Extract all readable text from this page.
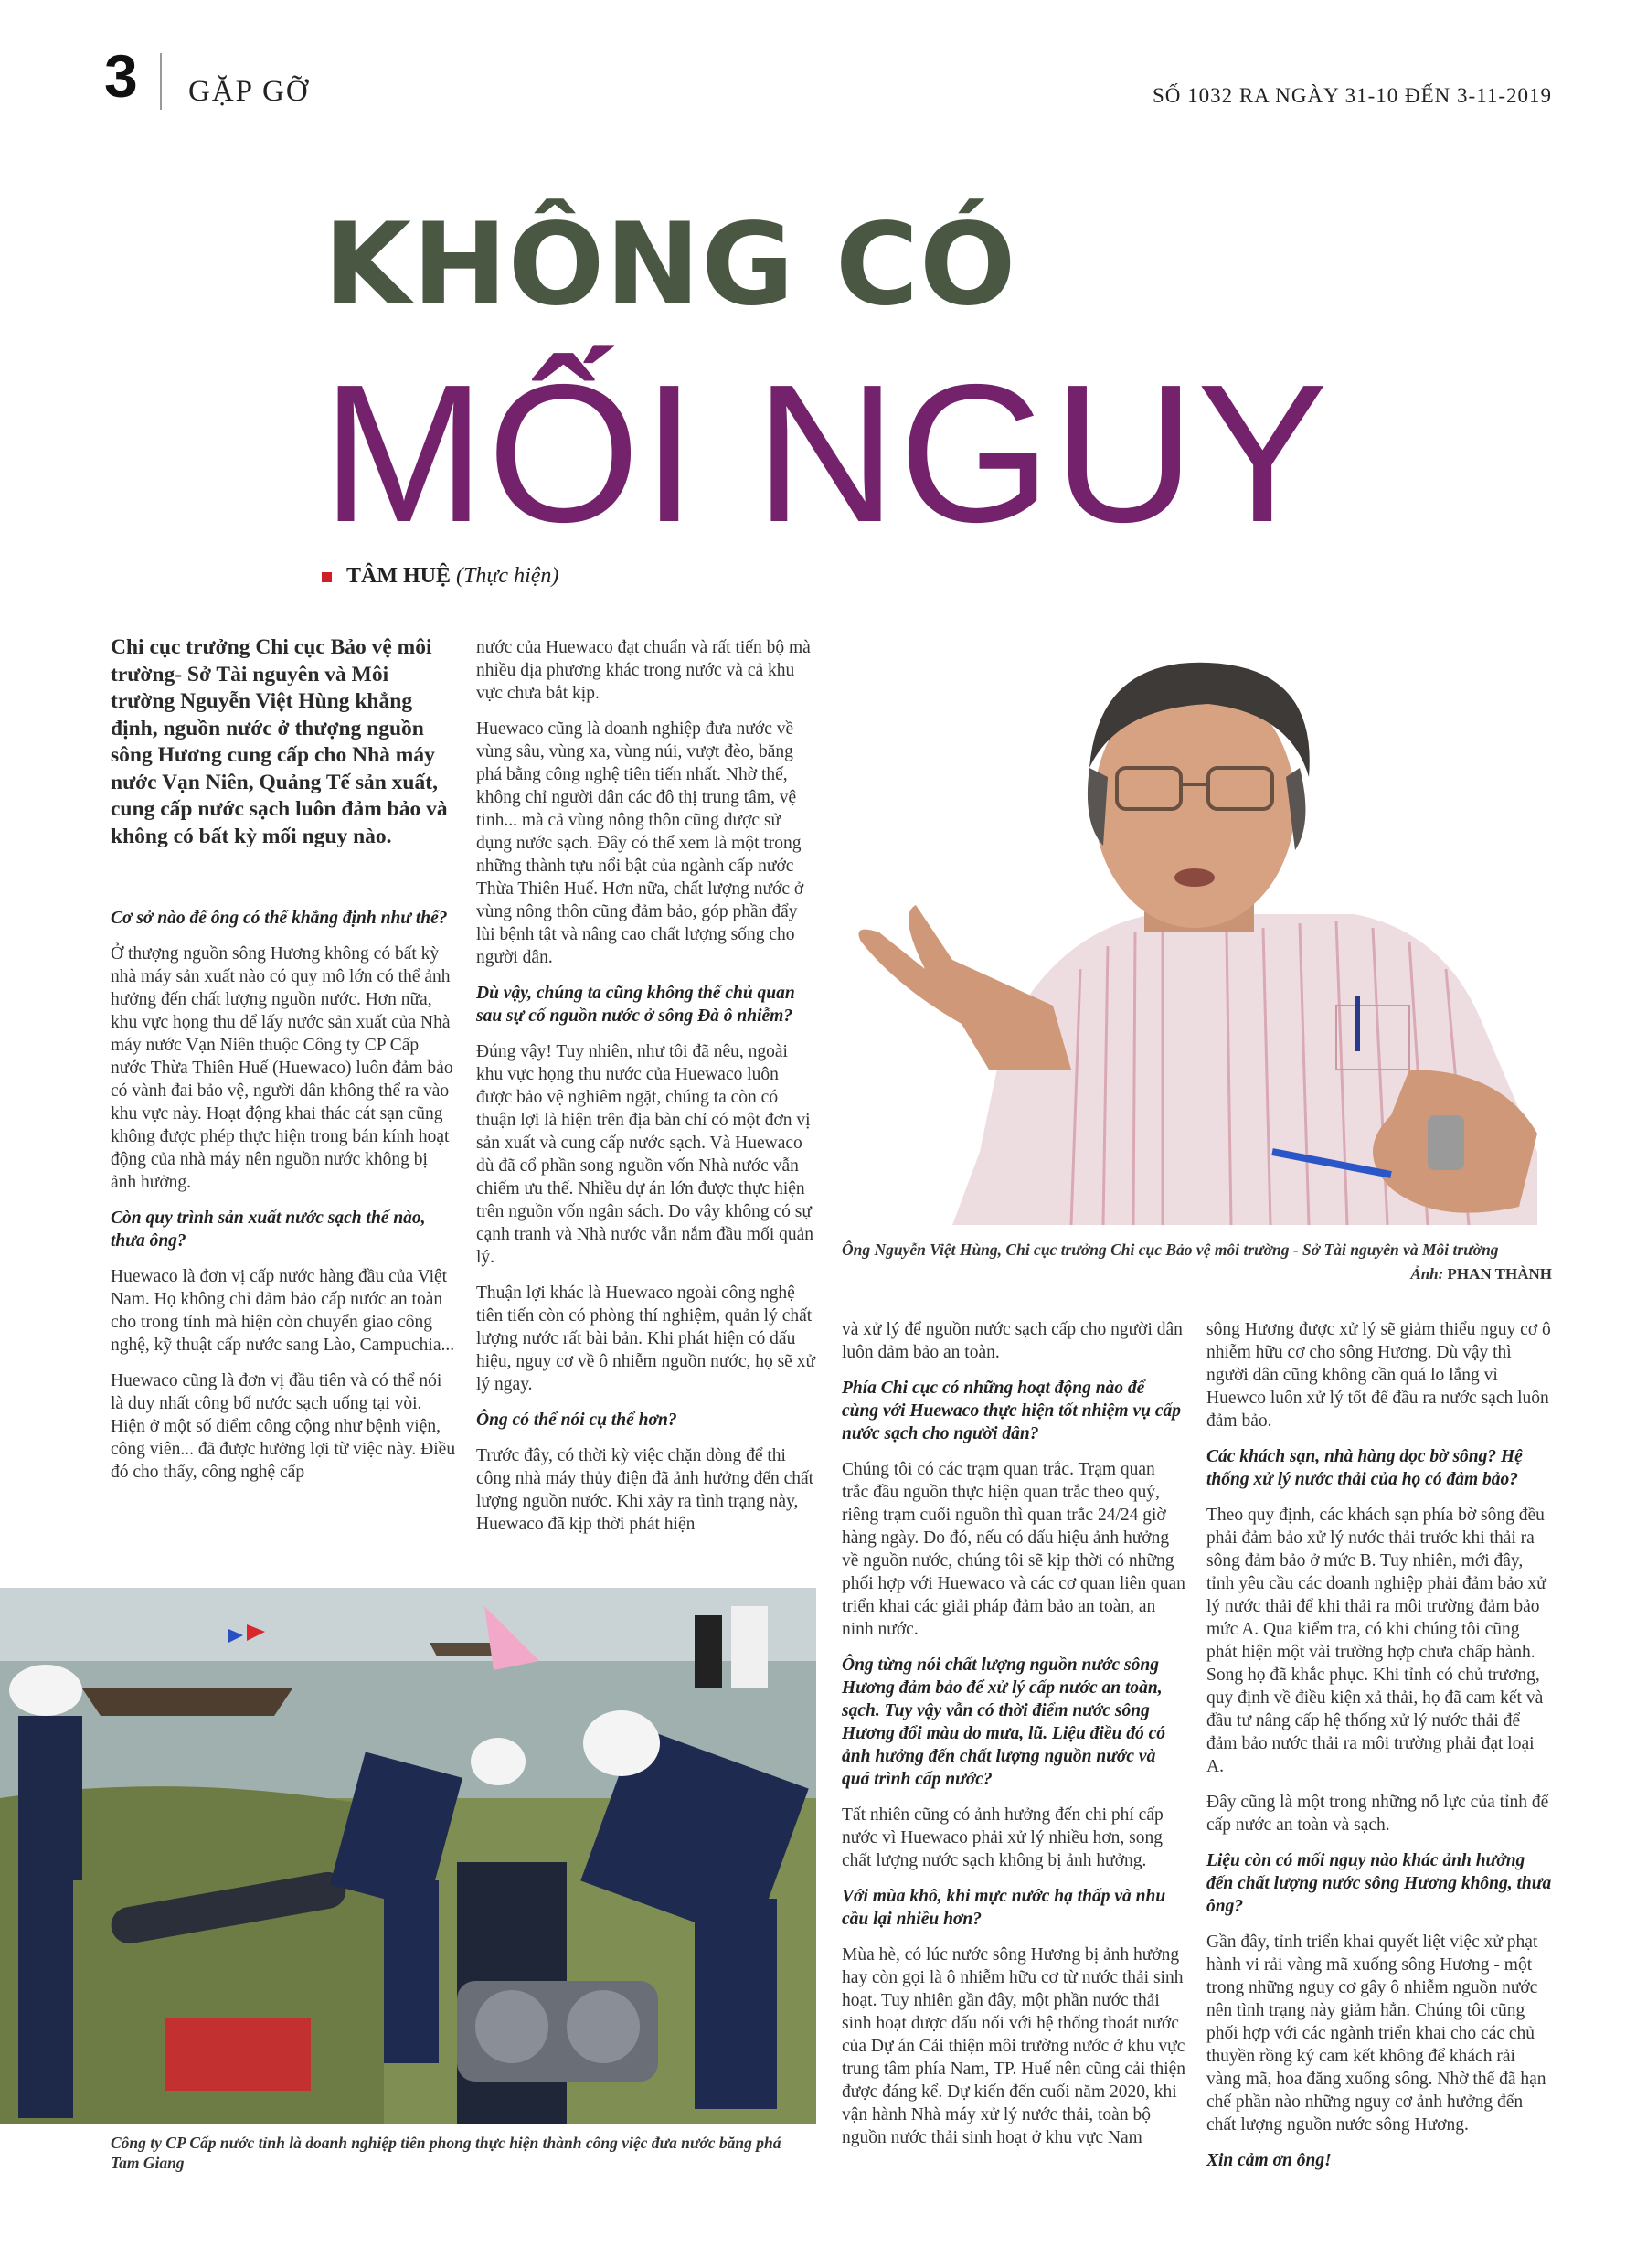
3 GẶP GỠ	SỐ 1032 RA NGÀY 31-10 ĐẾN 3-11-2019
KHÔNG CÓ
MỐI NGUY
TÂM HUỆ (Thực hiện)
Chi cục trưởng Chi cục Bảo vệ môi trường- Sở Tài nguyên và Môi trường Nguyễn Việt Hùng khẳng định, nguồn nước ở thượng nguồn sông Hương cung cấp cho Nhà máy nước Vạn Niên, Quảng Tế sản xuất, cung cấp nước sạch luôn đảm bảo và không có bất kỳ mối nguy nào.

Cơ sở nào để ông có thể khẳng định như thế?

Ở thượng nguồn sông Hương không có bất kỳ nhà máy sản xuất nào có quy mô lớn có thể ảnh hưởng đến chất lượng nguồn nước. Hơn nữa, khu vực họng thu để lấy nước sản xuất của Nhà máy nước Vạn Niên thuộc Công ty CP Cấp nước Thừa Thiên Huế (Huewaco) luôn đảm bảo có vành đai bảo vệ, người dân không thể ra vào khu vực này. Hoạt động khai thác cát sạn cũng không được phép thực hiện trong bán kính hoạt động của nhà máy nên nguồn nước không bị ảnh hưởng.

Còn quy trình sản xuất nước sạch thế nào, thưa ông?

Huewaco là đơn vị cấp nước hàng đầu của Việt Nam. Họ không chỉ đảm bảo cấp nước an toàn cho trong tỉnh mà hiện còn chuyển giao công nghệ, kỹ thuật cấp nước sang Lào, Campuchia...

Huewaco cũng là đơn vị đầu tiên và có thể nói là duy nhất công bố nước sạch uống tại vòi. Hiện ở một số điểm công cộng như bệnh viện, công viên... đã được hưởng lợi từ việc này. Điều đó cho thấy, công nghệ cấp

nước của Huewaco đạt chuẩn và rất tiến bộ mà nhiều địa phương khác trong nước và cả khu vực chưa bắt kịp.

Huewaco cũng là doanh nghiệp đưa nước về vùng sâu, vùng xa, vùng núi, vượt đèo, băng phá bằng công nghệ tiên tiến nhất. Nhờ thế, không chỉ người dân các đô thị trung tâm, vệ tinh... mà cả vùng nông thôn cũng được sử dụng nước sạch. Đây có thể xem là một trong những thành tựu nổi bật của ngành cấp nước Thừa Thiên Huế. Hơn nữa, chất lượng nước ở vùng nông thôn cũng đảm bảo, góp phần đẩy lùi bệnh tật và nâng cao chất lượng sống cho người dân.

Dù vậy, chúng ta cũng không thể chủ quan sau sự cố nguồn nước ở sông Đà ô nhiễm?

Đúng vậy! Tuy nhiên, như tôi đã nêu, ngoài khu vực họng thu nước của Huewaco luôn được bảo vệ nghiêm ngặt, chúng ta còn có thuận lợi là hiện trên địa bàn chỉ có một đơn vị sản xuất và cung cấp nước sạch. Và Huewaco dù đã cổ phần song nguồn vốn Nhà nước vẫn chiếm ưu thế. Nhiều dự án lớn được thực hiện trên nguồn vốn ngân sách. Do vậy không có sự cạnh tranh và Nhà nước vẫn nắm đầu mối quản lý.

Thuận lợi khác là Huewaco ngoài công nghệ tiên tiến còn có phòng thí nghiệm, quản lý chất lượng nước rất bài bản. Khi phát hiện có dấu hiệu, nguy cơ về ô nhiễm nguồn nước, họ sẽ xử lý ngay.

Ông có thể nói cụ thể hơn?

Trước đây, có thời kỳ việc chặn dòng để thi công nhà máy thủy điện đã ảnh hưởng đến chất lượng nguồn nước. Khi xảy ra tình trạng này, Huewaco đã kịp thời phát hiện

Ông Nguyễn Việt Hùng, Chi cục trưởng Chi cục Bảo vệ môi trường - Sở Tài nguyên và Môi trường
Ảnh: PHAN THÀNH

và xử lý để nguồn nước sạch cấp cho người dân luôn đảm bảo an toàn.

Phía Chi cục có những hoạt động nào để cùng với Huewaco thực hiện tốt nhiệm vụ cấp nước sạch cho người dân?

Chúng tôi có các trạm quan trắc. Trạm quan trắc đầu nguồn thực hiện quan trắc theo quý, riêng trạm cuối nguồn thì quan trắc 24/24 giờ hàng ngày. Do đó, nếu có dấu hiệu ảnh hưởng về nguồn nước, chúng tôi sẽ kịp thời có những phối hợp với Huewaco và các cơ quan liên quan triển khai các giải pháp đảm bảo an toàn, an ninh nước.

Ông từng nói chất lượng nguồn nước sông Hương đảm bảo để xử lý cấp nước an toàn, sạch. Tuy vậy vẫn có thời điểm nước sông Hương đổi màu do mưa, lũ. Liệu điều đó có ảnh hưởng đến chất lượng nguồn nước và quá trình cấp nước?

Tất nhiên cũng có ảnh hưởng đến chi phí cấp nước vì Huewaco phải xử lý nhiều hơn, song chất lượng nước sạch không bị ảnh hưởng.

Với mùa khô, khi mực nước hạ thấp và nhu cầu lại nhiều hơn?

Mùa hè, có lúc nước sông Hương bị ảnh hưởng hay còn gọi là ô nhiễm hữu cơ từ nước thải sinh hoạt. Tuy nhiên gần đây, một phần nước thải sinh hoạt được đấu nối với hệ thống thoát nước của Dự án Cải thiện môi trường nước ở khu vực trung tâm phía Nam, TP. Huế nên cũng cải thiện được đáng kể. Dự kiến đến cuối năm 2020, khi vận hành Nhà máy xử lý nước thải, toàn bộ nguồn nước thải sinh hoạt ở khu vực Nam

sông Hương được xử lý sẽ giảm thiểu nguy cơ ô nhiễm hữu cơ cho sông Hương. Dù vậy thì người dân cũng không cần quá lo lắng vì Huewco luôn xử lý tốt để đầu ra nước sạch luôn đảm bảo.

Các khách sạn, nhà hàng dọc bờ sông? Hệ thống xử lý nước thải của họ có đảm bảo?

Theo quy định, các khách sạn phía bờ sông đều phải đảm bảo xử lý nước thải trước khi thải ra sông đảm bảo ở mức B. Tuy nhiên, mới đây, tỉnh yêu cầu các doanh nghiệp phải đảm bảo xử lý nước thải để khi thải ra môi trường đảm bảo mức A. Qua kiểm tra, có khi chúng tôi cũng phát hiện một vài trường hợp chưa chấp hành. Song họ đã khắc phục. Khi tỉnh có chủ trương, quy định về điều kiện xả thải, họ đã cam kết và đầu tư nâng cấp hệ thống xử lý nước thải để đảm bảo nước thải ra môi trường phải đạt loại A.

Đây cũng là một trong những nỗ lực của tỉnh để cấp nước an toàn và sạch.

Liệu còn có mối nguy nào khác ảnh hưởng đến chất lượng nước sông Hương không, thưa ông?

Gần đây, tỉnh triển khai quyết liệt việc xử phạt hành vi rải vàng mã xuống sông Hương - một trong những nguy cơ gây ô nhiễm nguồn nước nên tình trạng này giảm hẳn. Chúng tôi cũng phối hợp với các ngành triển khai cho các chủ thuyền rồng ký cam kết không để khách rải vàng mã, hoa đăng xuống sông. Nhờ thế đã hạn chế phần nào những nguy cơ ảnh hưởng đến chất lượng nguồn nước sông Hương.

Xin cảm ơn ông!

Công ty CP Cấp nước tỉnh là doanh nghiệp tiên phong thực hiện thành công việc đưa nước băng phá Tam Giang
